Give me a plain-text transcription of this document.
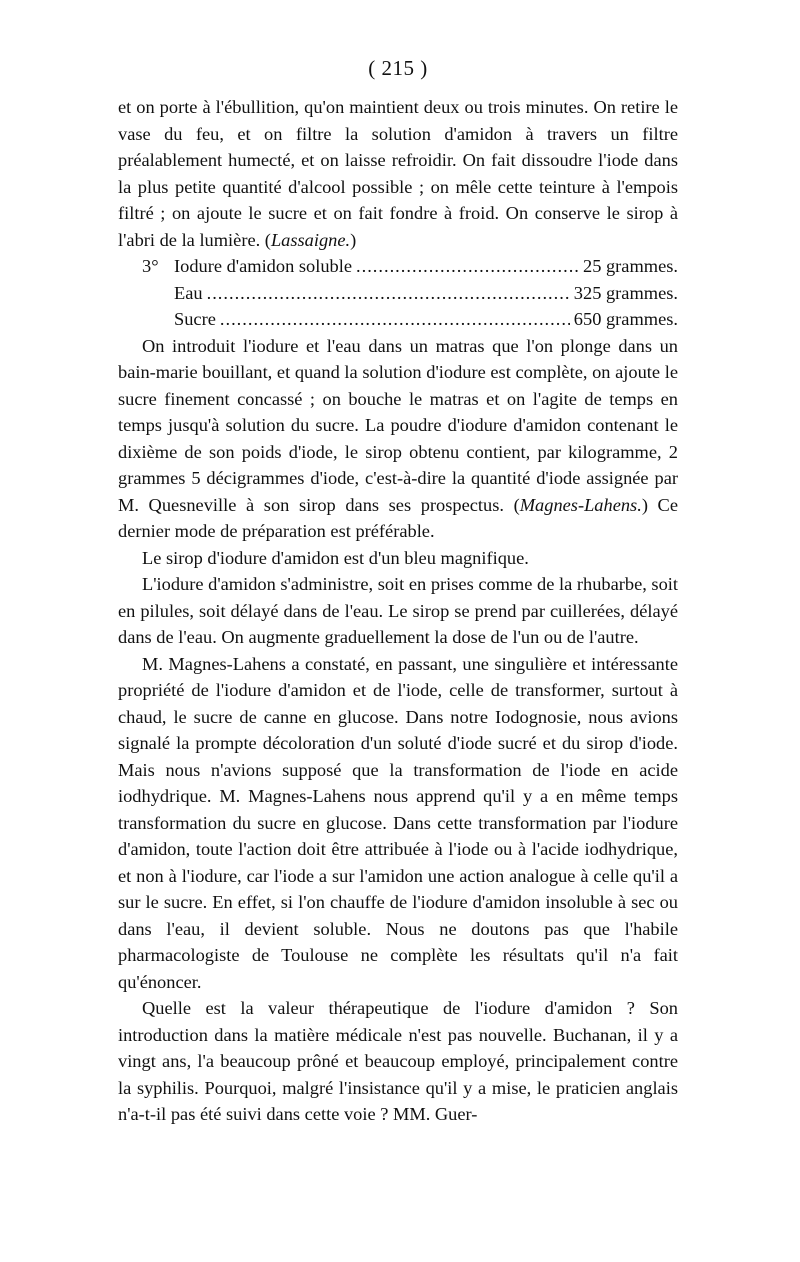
( 215 )

et on porte à l'ébullition, qu'on maintient deux ou trois minutes. On retire le vase du feu, et on filtre la solution d'amidon à travers un filtre préalablement humecté, et on laisse refroidir. On fait dissoudre l'iode dans la plus petite quantité d'alcool possible ; on mêle cette teinture à l'empois filtré ; on ajoute le sucre et on fait fondre à froid. On conserve le sirop à l'abri de la lumière. (Lassaigne.)

3° Iodure d'amidon soluble .....	25 grammes.
Eau .....	325 grammes.
Sucre .....	650 grammes.

On introduit l'iodure et l'eau dans un matras que l'on plonge dans un bain-marie bouillant, et quand la solution d'iodure est complète, on ajoute le sucre finement concassé ; on bouche le matras et on l'agite de temps en temps jusqu'à solution du sucre. La poudre d'iodure d'amidon contenant le dixième de son poids d'iode, le sirop obtenu contient, par kilogramme, 2 grammes 5 décigrammes d'iode, c'est-à-dire la quantité d'iode assignée par M. Quesneville à son sirop dans ses prospectus. (Magnes-Lahens.) Ce dernier mode de préparation est préférable.

Le sirop d'iodure d'amidon est d'un bleu magnifique.

L'iodure d'amidon s'administre, soit en prises comme de la rhubarbe, soit en pilules, soit délayé dans de l'eau. Le sirop se prend par cuillerées, délayé dans de l'eau. On augmente graduellement la dose de l'un ou de l'autre.

M. Magnes-Lahens a constaté, en passant, une singulière et intéressante propriété de l'iodure d'amidon et de l'iode, celle de transformer, surtout à chaud, le sucre de canne en glucose. Dans notre Iodognosie, nous avions signalé la prompte décoloration d'un soluté d'iode sucré et du sirop d'iode. Mais nous n'avions supposé que la transformation de l'iode en acide iodhydrique. M. Magnes-Lahens nous apprend qu'il y a en même temps transformation du sucre en glucose. Dans cette transformation par l'iodure d'amidon, toute l'action doit être attribuée à l'iode ou à l'acide iodhydrique, et non à l'iodure, car l'iode a sur l'amidon une action analogue à celle qu'il a sur le sucre. En effet, si l'on chauffe de l'iodure d'amidon insoluble à sec ou dans l'eau, il devient soluble. Nous ne doutons pas que l'habile pharmacologiste de Toulouse ne complète les résultats qu'il n'a fait qu'énoncer.

Quelle est la valeur thérapeutique de l'iodure d'amidon ? Son introduction dans la matière médicale n'est pas nouvelle. Buchanan, il y a vingt ans, l'a beaucoup prôné et beaucoup employé, principalement contre la syphilis. Pourquoi, malgré l'insistance qu'il y a mise, le praticien anglais n'a-t-il pas été suivi dans cette voie ? MM. Guer-
